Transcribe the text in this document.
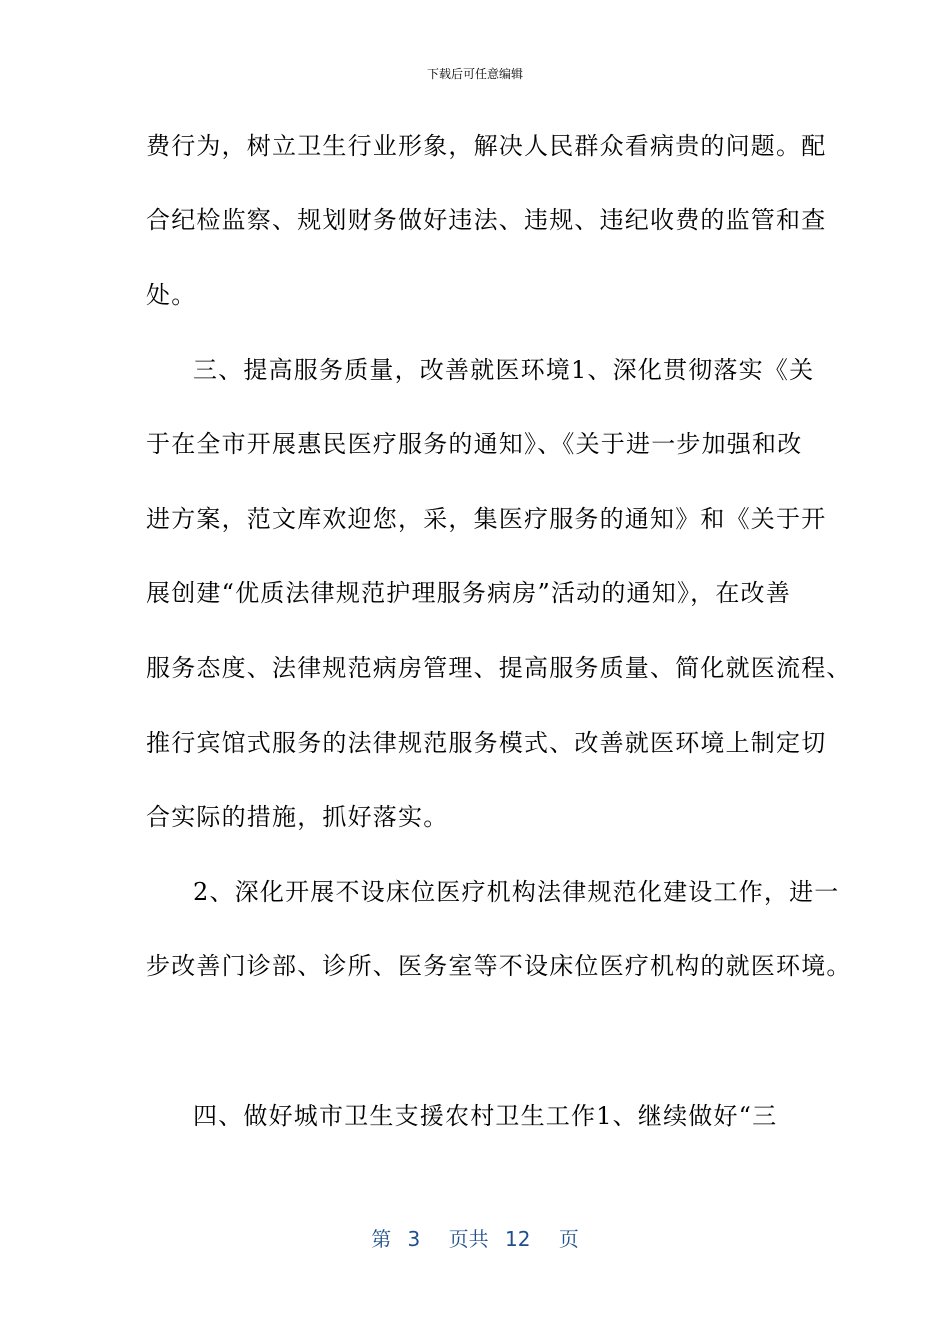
下载后可任意编辑
费行为，树立卫生行业形象，解决人民群众看病贵的问题。配
合纪检监察、规划财务做好违法、违规、违纪收费的监管和查
处。
三、提高服务质量，改善就医环境1、深化贯彻落实《关
于在全市开展惠民医疗服务的通知》、《关于进一步加强和改
进方案，范文库欢迎您，采，集医疗服务的通知》和《关于开
展创建“优质法律规范护理服务病房”活动的通知》，在改善
服务态度、法律规范病房管理、提高服务质量、简化就医流程、
推行宾馆式服务的法律规范服务模式、改善就医环境上制定切
合实际的措施，抓好落实。
2、深化开展不设床位医疗机构法律规范化建设工作，进一
步改善门诊部、诊所、医务室等不设床位医疗机构的就医环境。
四、做好城市卫生支援农村卫生工作1、继续做好“三
第 3 页共 12 页
